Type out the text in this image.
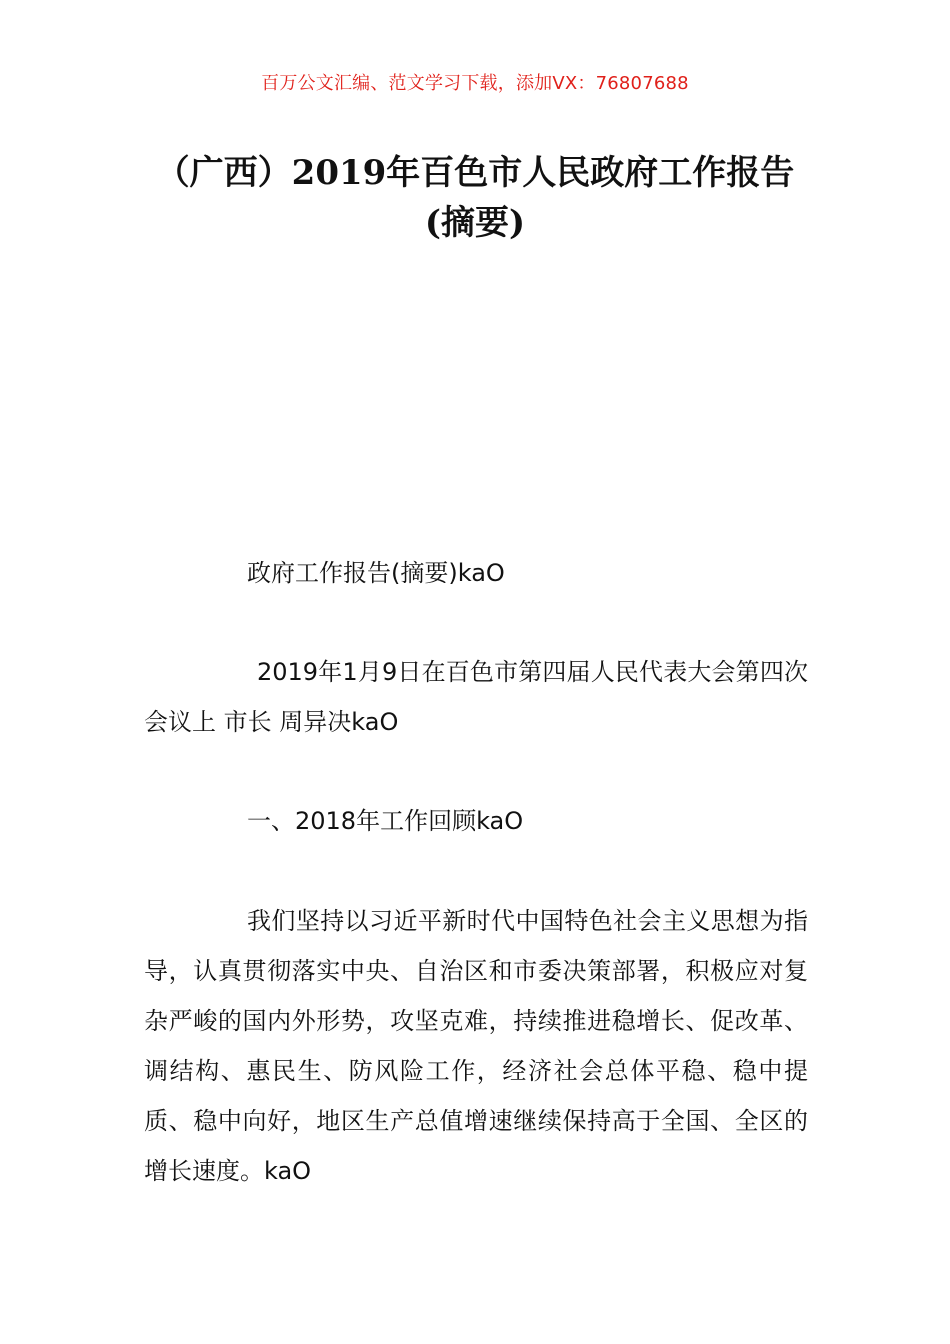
百万公文汇编、范文学习下载，添加VX：76807688
（广西）2019年百色市人民政府工作报告
(摘要)

政府工作报告(摘要)kaO

2019年1月9日在百色市第四届人民代表大会第四次会议上 市长 周异决kaO

一、2018年工作回顾kaO

我们坚持以习近平新时代中国特色社会主义思想为指导，认真贯彻落实中央、自治区和市委决策部署，积极应对复杂严峻的国内外形势，攻坚克难，持续推进稳增长、促改革、调结构、惠民生、防风险工作，经济社会总体平稳、稳中提质、稳中向好，地区生产总值增速继续保持高于全国、全区的增长速度。kaO
